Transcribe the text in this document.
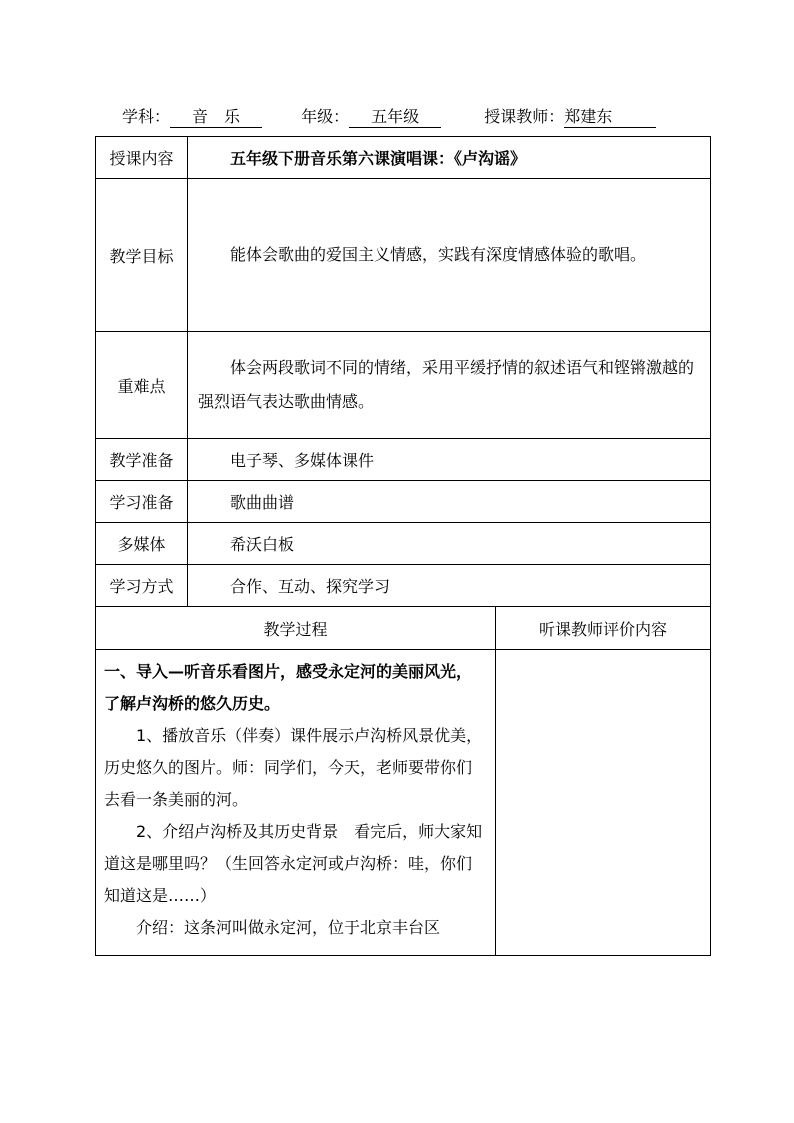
学科： 音　乐	年级： 五年级	授课教师：郑建东
授课内容	五年级下册音乐第六课演唱课：《卢沟谣》	
教学目标	能体会歌曲的爱国主义情感，实践有深度情感体验的歌唱。	
重难点	体会两段歌词不同的情绪，采用平缓抒情的叙述语气和铿锵激越的强烈语气表达歌曲情感。	
教学准备	电子琴、多媒体课件	
学习准备	歌曲曲谱	
多媒体	希沃白板	
学习方式	合作、互动、探究学习	
教学过程		听课教师评价内容

一、导入—听音乐看图片，感受永定河的美丽风光，了解卢沟桥的悠久历史。

1、播放音乐（伴奏）课件展示卢沟桥风景优美，历史悠久的图片。师：同学们，今天，老师要带你们去看一条美丽的河。

2、介绍卢沟桥及其历史背景　看完后，师大家知道这是哪里吗？（生回答永定河或卢沟桥：哇，你们知道这是……）

介绍：这条河叫做永定河，位于北京丰台区		
